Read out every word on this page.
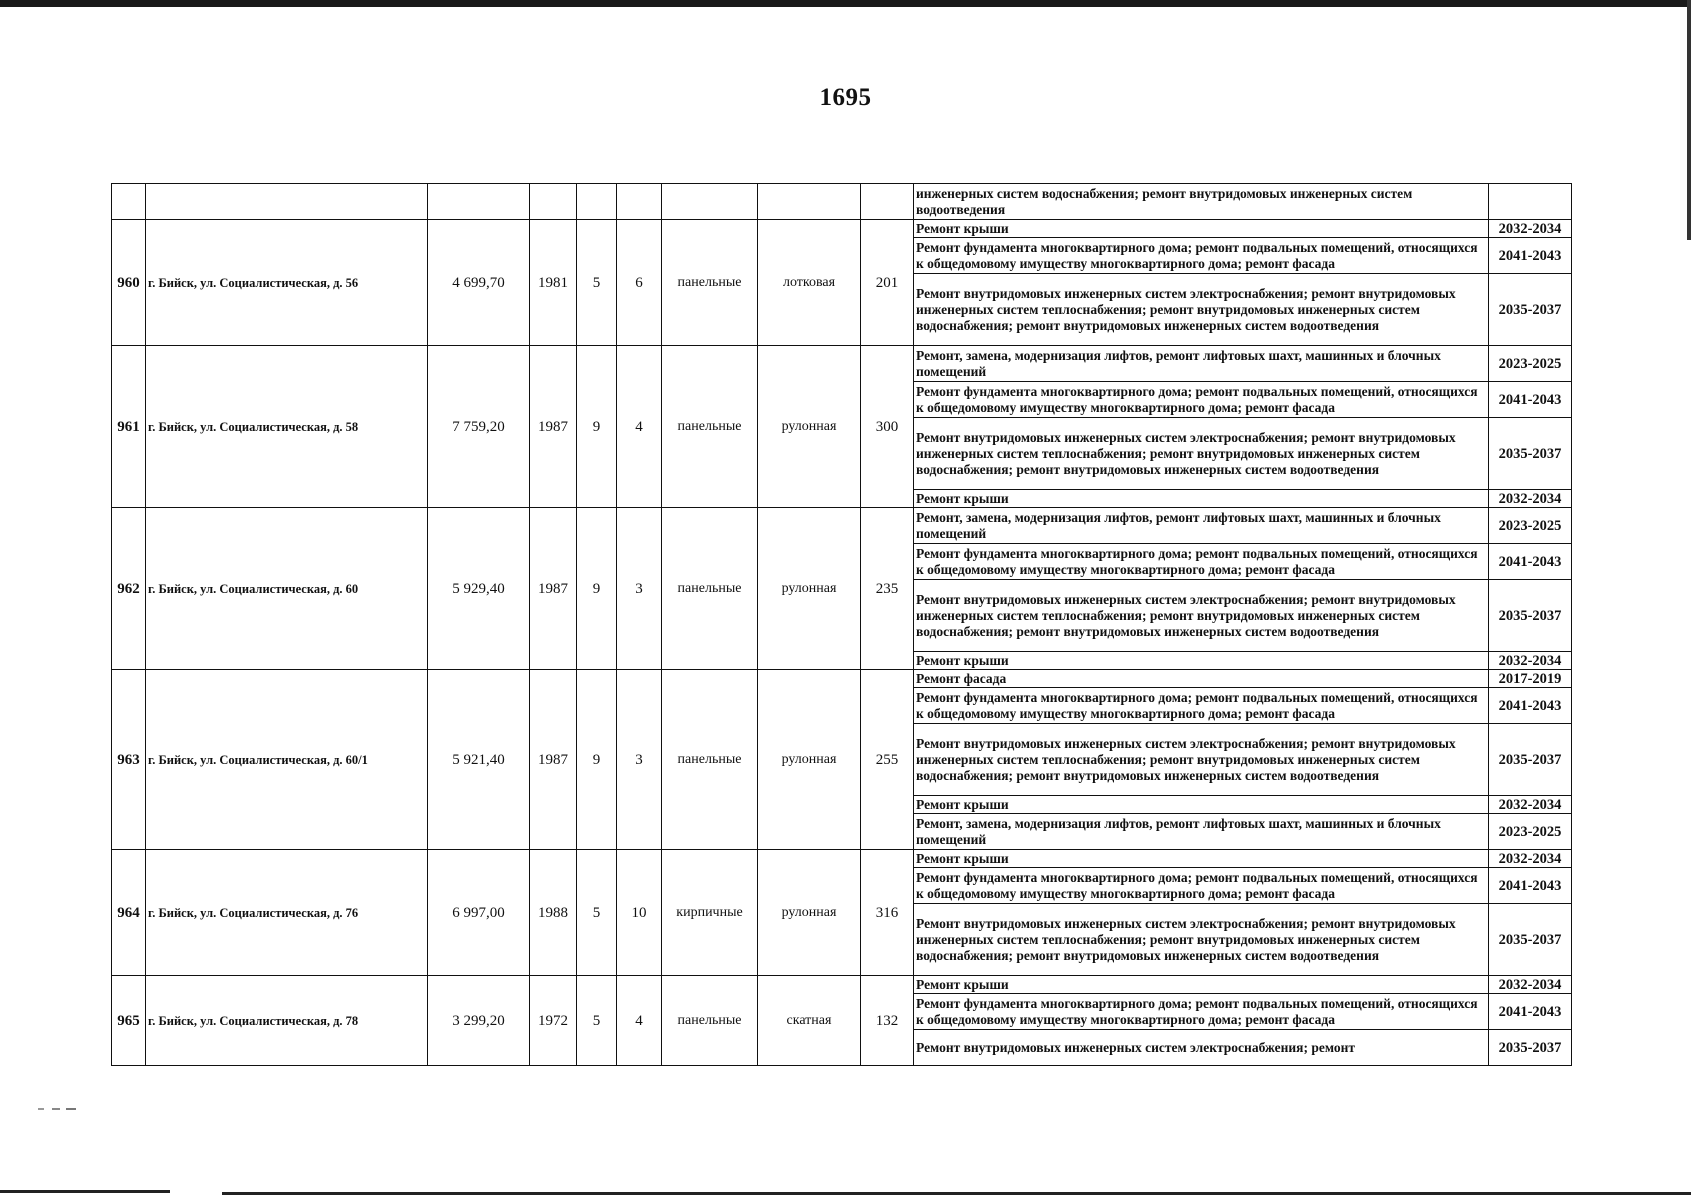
1695
									инженерных систем водоснабжения; ремонт внутридомовых инженерных систем водоотведения	
960	г. Бийск, ул. Социалистическая, д. 56	4 699,70	1981	5	6	панельные	лотковая	201	Ремонт крыши	2032-2034
									Ремонт фундамента многоквартирного дома; ремонт подвальных помещений, относящихся к общедомовому имуществу многоквартирного дома; ремонт фасада	2041-2043
									Ремонт внутридомовых инженерных систем электроснабжения; ремонт внутридомовых инженерных систем теплоснабжения; ремонт внутридомовых инженерных систем водоснабжения; ремонт внутридомовых инженерных систем водоотведения	2035-2037
961	г. Бийск, ул. Социалистическая, д. 58	7 759,20	1987	9	4	панельные	рулонная	300	Ремонт, замена, модернизация лифтов, ремонт лифтовых шахт, машинных и блочных помещений	2023-2025
									Ремонт фундамента многоквартирного дома; ремонт подвальных помещений, относящихся к общедомовому имуществу многоквартирного дома; ремонт фасада	2041-2043
									Ремонт внутридомовых инженерных систем электроснабжения; ремонт внутридомовых инженерных систем теплоснабжения; ремонт внутридомовых инженерных систем водоснабжения; ремонт внутридомовых инженерных систем водоотведения	2035-2037
									Ремонт крыши	2032-2034
962	г. Бийск, ул. Социалистическая, д. 60	5 929,40	1987	9	3	панельные	рулонная	235	Ремонт, замена, модернизация лифтов, ремонт лифтовых шахт, машинных и блочных помещений	2023-2025
									Ремонт фундамента многоквартирного дома; ремонт подвальных помещений, относящихся к общедомовому имуществу многоквартирного дома; ремонт фасада	2041-2043
									Ремонт внутридомовых инженерных систем электроснабжения; ремонт внутридомовых инженерных систем теплоснабжения; ремонт внутридомовых инженерных систем водоснабжения; ремонт внутридомовых инженерных систем водоотведения	2035-2037
									Ремонт крыши	2032-2034
963	г. Бийск, ул. Социалистическая, д. 60/1	5 921,40	1987	9	3	панельные	рулонная	255	Ремонт фасада	2017-2019
									Ремонт фундамента многоквартирного дома; ремонт подвальных помещений, относящихся к общедомовому имуществу многоквартирного дома; ремонт фасада	2041-2043
									Ремонт внутридомовых инженерных систем электроснабжения; ремонт внутридомовых инженерных систем теплоснабжения; ремонт внутридомовых инженерных систем водоснабжения; ремонт внутридомовых инженерных систем водоотведения	2035-2037
									Ремонт крыши	2032-2034
									Ремонт, замена, модернизация лифтов, ремонт лифтовых шахт, машинных и блочных помещений	2023-2025
964	г. Бийск, ул. Социалистическая, д. 76	6 997,00	1988	5	10	кирпичные	рулонная	316	Ремонт крыши	2032-2034
									Ремонт фундамента многоквартирного дома; ремонт подвальных помещений, относящихся к общедомовому имуществу многоквартирного дома; ремонт фасада	2041-2043
									Ремонт внутридомовых инженерных систем электроснабжения; ремонт внутридомовых инженерных систем теплоснабжения; ремонт внутридомовых инженерных систем водоснабжения; ремонт внутридомовых инженерных систем водоотведения	2035-2037
965	г. Бийск, ул. Социалистическая, д. 78	3 299,20	1972	5	4	панельные	скатная	132	Ремонт крыши	2032-2034
									Ремонт фундамента многоквартирного дома; ремонт подвальных помещений, относящихся к общедомовому имуществу многоквартирного дома; ремонт фасада	2041-2043
									Ремонт внутридомовых инженерных систем электроснабжения; ремонт	2035-2037
